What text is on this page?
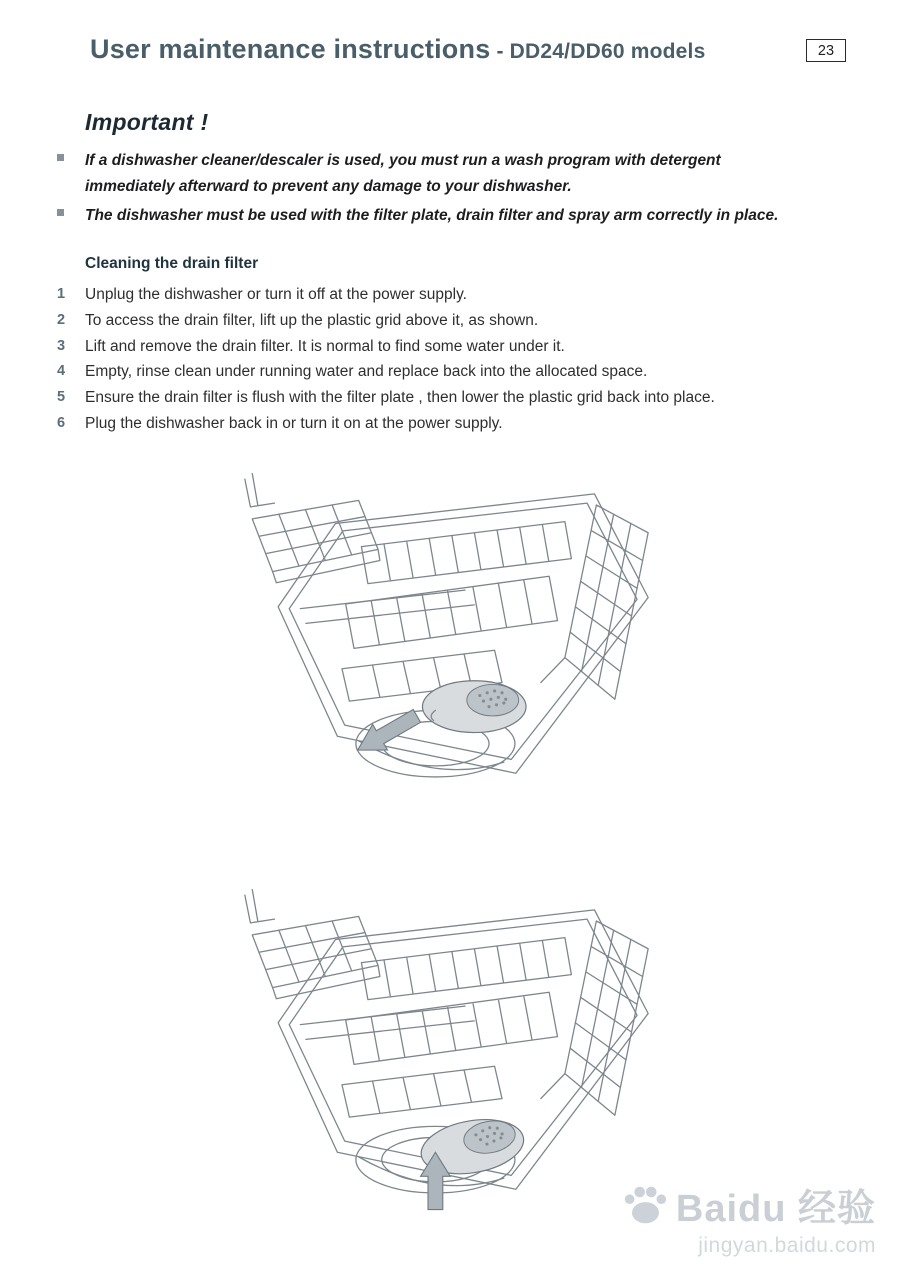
User maintenance instructions - DD24/DD60 models	23
Important !

If a dishwasher cleaner/descaler is used, you must run a wash program with detergent immediately afterward to prevent any damage to your dishwasher.

The dishwasher must be used with the filter plate, drain filter and spray arm correctly in place.

Cleaning the drain filter
1	Unplug the dishwasher or turn it off at the power supply.
2	To access the drain filter, lift up the plastic grid above it, as shown.
3	Lift and remove the drain filter. It is normal to find some water under it.
4	Empty, rinse clean under running water and replace back into the allocated space.
5	Ensure the drain filter is flush with the filter plate , then lower the plastic grid back into place.
6	Plug the dishwasher back in or turn it on at the power supply.
Baidu 经验
jingyan.baidu.com
